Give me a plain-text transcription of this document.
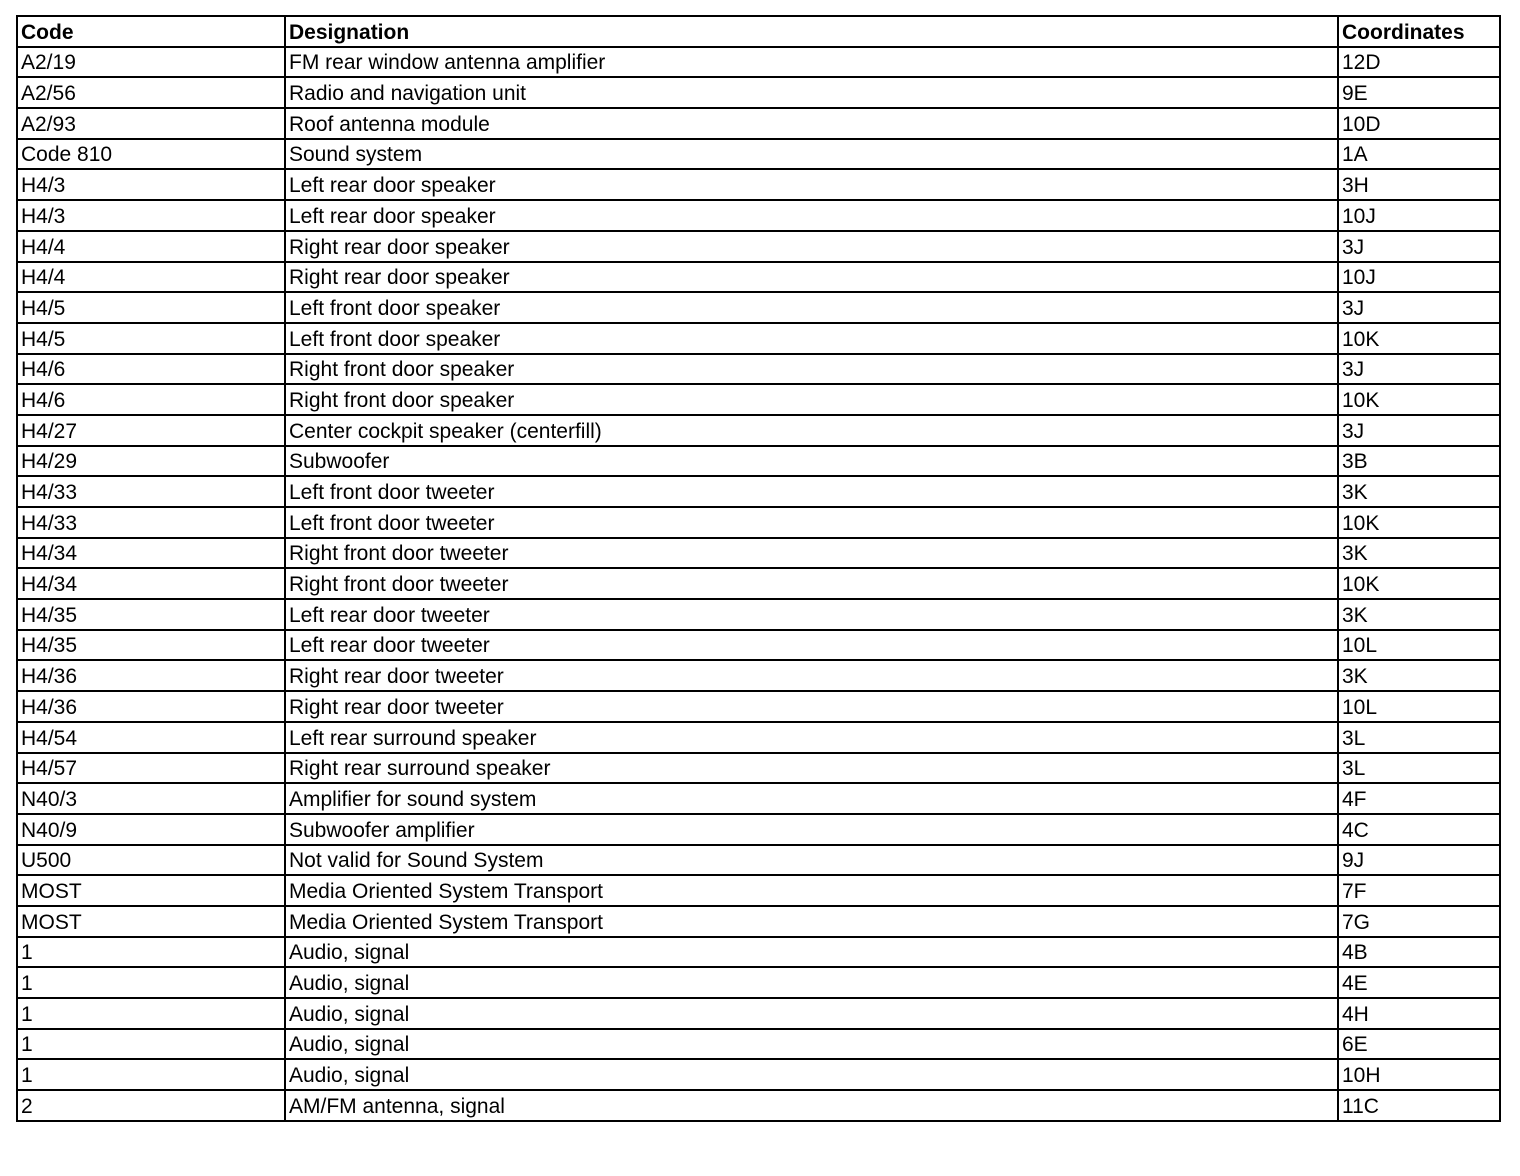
Code	Designation	Coordinates
A2/19	FM rear window antenna amplifier	12D
A2/56	Radio and navigation unit	9E
A2/93	Roof antenna module	10D
Code 810	Sound system	1A
H4/3	Left rear door speaker	3H
H4/3	Left rear door speaker	10J
H4/4	Right rear door speaker	3J
H4/4	Right rear door speaker	10J
H4/5	Left front door speaker	3J
H4/5	Left front door speaker	10K
H4/6	Right front door speaker	3J
H4/6	Right front door speaker	10K
H4/27	Center cockpit speaker (centerfill)	3J
H4/29	Subwoofer	3B
H4/33	Left front door tweeter	3K
H4/33	Left front door tweeter	10K
H4/34	Right front door tweeter	3K
H4/34	Right front door tweeter	10K
H4/35	Left rear door tweeter	3K
H4/35	Left rear door tweeter	10L
H4/36	Right rear door tweeter	3K
H4/36	Right rear door tweeter	10L
H4/54	Left rear surround speaker	3L
H4/57	Right rear surround speaker	3L
N40/3	Amplifier for sound system	4F
N40/9	Subwoofer amplifier	4C
U500	Not valid for Sound System	9J
MOST	Media Oriented System Transport	7F
MOST	Media Oriented System Transport	7G
1	Audio, signal	4B
1	Audio, signal	4E
1	Audio, signal	4H
1	Audio, signal	6E
1	Audio, signal	10H
2	AM/FM antenna, signal	11C
